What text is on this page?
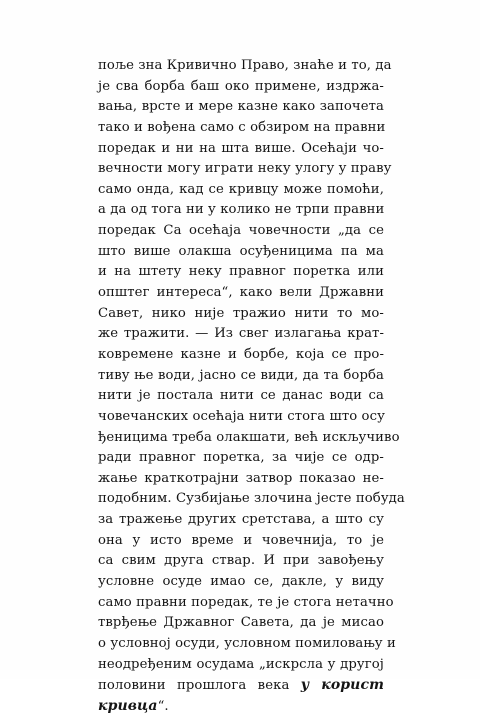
поље зна Кривично Право, знаће и то, да
је сва борба баш око примене, издржа-
вања, врсте и мере казне како започета
тако и вођена само с обзиром на правни
поредак и ни на шта више. Осећаји чо-
вечности могу играти неку улогу у праву
само онда, кад се кривцу може помоћи,
а да од тога ни у колико не трпи правни
поредак Са осећаја човечности „да се
што више олакша осуђеницима па ма
и на штету неку правног поретка или
општег интереса“, како вели Државни
Савет, нико није тражио нити то мо-
же тражити. — Из свег излагања крат-
ковремене казне и борбе, која се про-
тиву ње води, јасно се види, да та борба
нити је постала нити се данас води са
човечанских осећаја нити стога што осу
ђеницима треба олакшати, већ искључиво
ради правног поретка, за чије се одр-
жање краткотрајни затвор показао не-
подобним. Сузбијање злочина јесте побуда
за тражење других сретстава, а што су
она у исто време и човечнија, то је
са свим друга ствар. И при завођењу
условне осуде имао се, дакле, у виду
само правни поредак, те је стога нетачно
тврђење Државног Савета, да је мисао
о условној осуди, условном помиловању и
неодређеним осудама „искрсла у другој
половини прошлога века у корист
кривца“.
